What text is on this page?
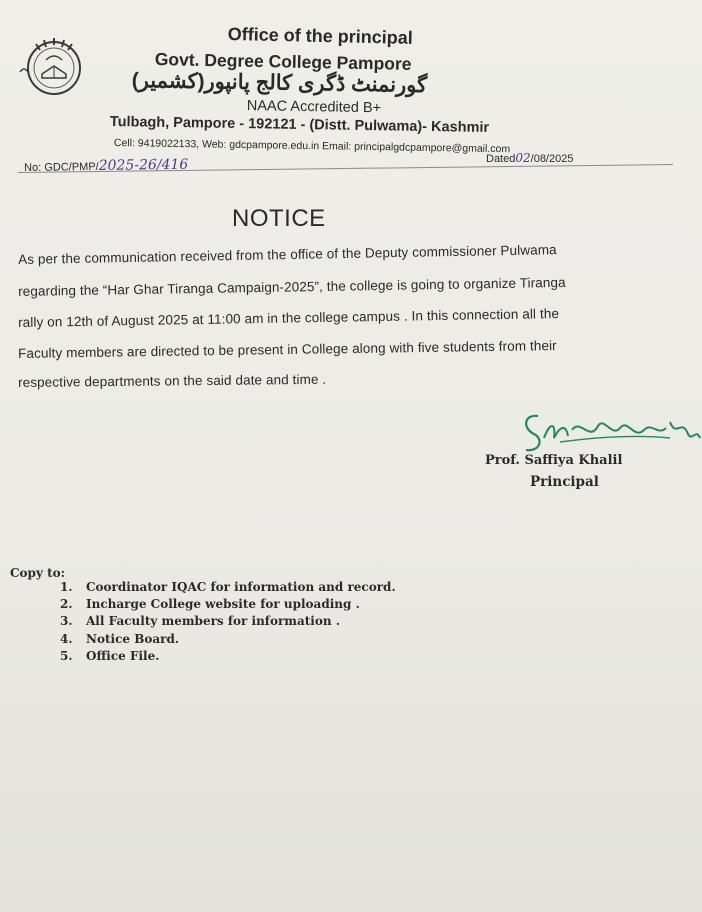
Office of the principal
Govt. Degree College Pampore
گورنمنٹ ڈگری کالج پانپور(کشمیر)
NAAC Accredited B+
Tulbagh, Pampore - 192121 - (Distt. Pulwama)- Kashmir
Cell: 9419022133, Web: gdcpampore.edu.in Email: principalgdcpampore@gmail.com
No: GDC/PMP/2025-26/416	Dated02/08/2025
NOTICE
As per the communication received from the office of the Deputy commissioner Pulwama
regarding the “Har Ghar Tiranga Campaign-2025”, the college is going to organize Tiranga
rally on 12th of August 2025 at 11:00 am in the college campus . In this connection all the
Faculty members are directed to be present in College along with five students from their
respective departments on the said date and time .
Prof. Saffiya Khalil
Principal
Copy to:
1. Coordinator IQAC for information and record.
2. Incharge College website for uploading .
3. All Faculty members for information .
4. Notice Board.
5. Office File.
